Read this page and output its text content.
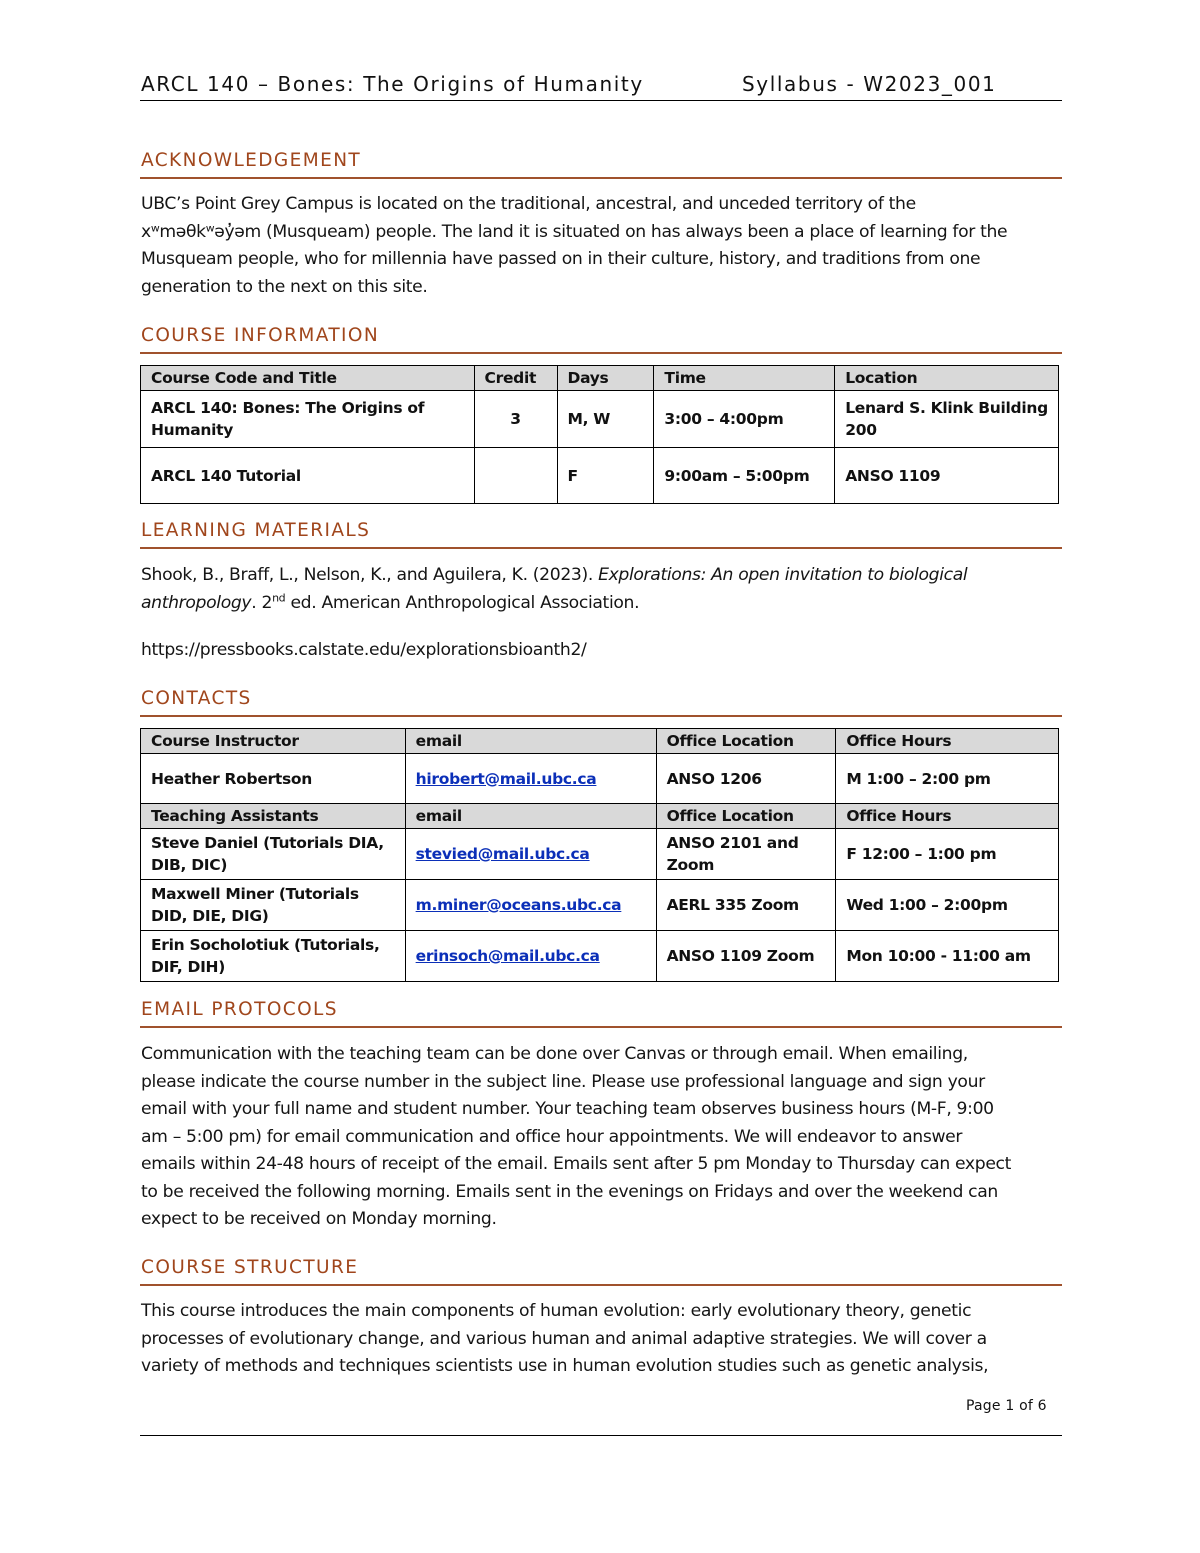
ARCL 140 – Bones: The Origins of Humanity	Syllabus - W2023_001
ACKNOWLEDGEMENT

UBC’s Point Grey Campus is located on the traditional, ancestral, and unceded territory of the
xʷməθkʷəy̓əm (Musqueam) people. The land it is situated on has always been a place of learning for the
Musqueam people, who for millennia have passed on in their culture, history, and traditions from one
generation to the next on this site.

COURSE INFORMATION
Course Code and Title	Credit	Days	Time	Location
ARCL 140: Bones: The Origins of Humanity	3	M, W	3:00 – 4:00pm	Lenard S. Klink Building 200
ARCL 140 Tutorial		F	9:00am – 5:00pm	ANSO 1109
LEARNING MATERIALS

Shook, B., Braff, L., Nelson, K., and Aguilera, K. (2023). Explorations: An open invitation to biological
anthropology. 2nd ed. American Anthropological Association.

https://pressbooks.calstate.edu/explorationsbioanth2/

CONTACTS
Course Instructor	email	Office Location	Office Hours
Heather Robertson	hirobert@mail.ubc.ca	ANSO 1206	M 1:00 – 2:00 pm
Teaching Assistants	email	Office Location	Office Hours
Steve Daniel (Tutorials DIA, DIB, DIC)	stevied@mail.ubc.ca	ANSO 2101 and Zoom	F 12:00 – 1:00 pm
Maxwell Miner (Tutorials DID, DIE, DIG)	m.miner@oceans.ubc.ca	AERL 335 Zoom	Wed 1:00 – 2:00pm
Erin Socholotiuk (Tutorials, DIF, DIH)	erinsoch@mail.ubc.ca	ANSO 1109 Zoom	Mon 10:00 - 11:00 am
EMAIL PROTOCOLS

Communication with the teaching team can be done over Canvas or through email. When emailing,
please indicate the course number in the subject line. Please use professional language and sign your
email with your full name and student number. Your teaching team observes business hours (M-F, 9:00
am – 5:00 pm) for email communication and office hour appointments. We will endeavor to answer
emails within 24-48 hours of receipt of the email. Emails sent after 5 pm Monday to Thursday can expect
to be received the following morning. Emails sent in the evenings on Fridays and over the weekend can
expect to be received on Monday morning.

COURSE STRUCTURE

This course introduces the main components of human evolution: early evolutionary theory, genetic
processes of evolutionary change, and various human and animal adaptive strategies. We will cover a
variety of methods and techniques scientists use in human evolution studies such as genetic analysis,

Page 1 of 6
